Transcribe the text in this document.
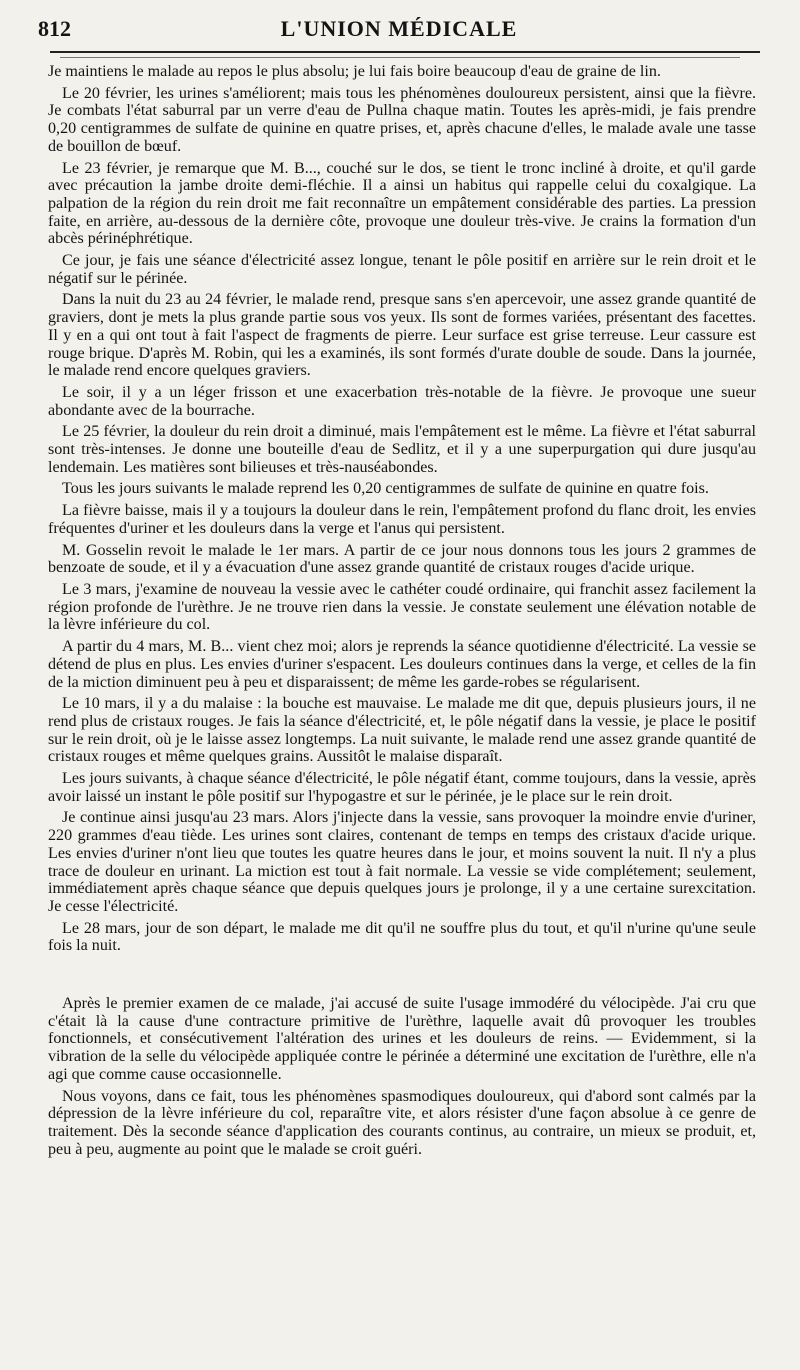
812	L'UNION MÉDICALE

Je maintiens le malade au repos le plus absolu; je lui fais boire beaucoup d'eau de graine de lin.

Le 20 février, les urines s'améliorent; mais tous les phénomènes douloureux persistent, ainsi que la fièvre. Je combats l'état saburral par un verre d'eau de Pullna chaque matin. Toutes les après-midi, je fais prendre 0,20 centigrammes de sulfate de quinine en quatre prises, et, après chacune d'elles, le malade avale une tasse de bouillon de bœuf.

Le 23 février, je remarque que M. B..., couché sur le dos, se tient le tronc incliné à droite, et qu'il garde avec précaution la jambe droite demi-fléchie. Il a ainsi un habitus qui rappelle celui du coxalgique. La palpation de la région du rein droit me fait reconnaître un empâtement considérable des parties. La pression faite, en arrière, au-dessous de la dernière côte, provoque une douleur très-vive. Je crains la formation d'un abcès périnéphrétique.

Ce jour, je fais une séance d'électricité assez longue, tenant le pôle positif en arrière sur le rein droit et le négatif sur le périnée.

Dans la nuit du 23 au 24 février, le malade rend, presque sans s'en apercevoir, une assez grande quantité de graviers, dont je mets la plus grande partie sous vos yeux. Ils sont de formes variées, présentant des facettes. Il y en a qui ont tout à fait l'aspect de fragments de pierre. Leur surface est grise terreuse. Leur cassure est rouge brique. D'après M. Robin, qui les a examinés, ils sont formés d'urate double de soude. Dans la journée, le malade rend encore quelques graviers.

Le soir, il y a un léger frisson et une exacerbation très-notable de la fièvre. Je provoque une sueur abondante avec de la bourrache.

Le 25 février, la douleur du rein droit a diminué, mais l'empâtement est le même. La fièvre et l'état saburral sont très-intenses. Je donne une bouteille d'eau de Sedlitz, et il y a une superpurgation qui dure jusqu'au lendemain. Les matières sont bilieuses et très-nauséabondes.

Tous les jours suivants le malade reprend les 0,20 centigrammes de sulfate de quinine en quatre fois.

La fièvre baisse, mais il y a toujours la douleur dans le rein, l'empâtement profond du flanc droit, les envies fréquentes d'uriner et les douleurs dans la verge et l'anus qui persistent.

M. Gosselin revoit le malade le 1er mars. A partir de ce jour nous donnons tous les jours 2 grammes de benzoate de soude, et il y a évacuation d'une assez grande quantité de cristaux rouges d'acide urique.

Le 3 mars, j'examine de nouveau la vessie avec le cathéter coudé ordinaire, qui franchit assez facilement la région profonde de l'urèthre. Je ne trouve rien dans la vessie. Je constate seulement une élévation notable de la lèvre inférieure du col.

A partir du 4 mars, M. B... vient chez moi; alors je reprends la séance quotidienne d'électricité. La vessie se détend de plus en plus. Les envies d'uriner s'espacent. Les douleurs continues dans la verge, et celles de la fin de la miction diminuent peu à peu et disparaissent; de même les garde-robes se régularisent.

Le 10 mars, il y a du malaise : la bouche est mauvaise. Le malade me dit que, depuis plusieurs jours, il ne rend plus de cristaux rouges. Je fais la séance d'électricité, et, le pôle négatif dans la vessie, je place le positif sur le rein droit, où je le laisse assez longtemps. La nuit suivante, le malade rend une assez grande quantité de cristaux rouges et même quelques grains. Aussitôt le malaise disparaît.

Les jours suivants, à chaque séance d'électricité, le pôle négatif étant, comme toujours, dans la vessie, après avoir laissé un instant le pôle positif sur l'hypogastre et sur le périnée, je le place sur le rein droit.

Je continue ainsi jusqu'au 23 mars. Alors j'injecte dans la vessie, sans provoquer la moindre envie d'uriner, 220 grammes d'eau tiède. Les urines sont claires, contenant de temps en temps des cristaux d'acide urique. Les envies d'uriner n'ont lieu que toutes les quatre heures dans le jour, et moins souvent la nuit. Il n'y a plus trace de douleur en urinant. La miction est tout à fait normale. La vessie se vide complétement; seulement, immédiatement après chaque séance que depuis quelques jours je prolonge, il y a une certaine surexcitation. Je cesse l'électricité.

Le 28 mars, jour de son départ, le malade me dit qu'il ne souffre plus du tout, et qu'il n'urine qu'une seule fois la nuit.

Après le premier examen de ce malade, j'ai accusé de suite l'usage immodéré du vélocipède. J'ai cru que c'était là la cause d'une contracture primitive de l'urèthre, laquelle avait dû provoquer les troubles fonctionnels, et consécutivement l'altération des urines et les douleurs de reins. — Evidemment, si la vibration de la selle du vélocipède appliquée contre le périnée a déterminé une excitation de l'urèthre, elle n'a agi que comme cause occasionnelle.

Nous voyons, dans ce fait, tous les phénomènes spasmodiques douloureux, qui d'abord sont calmés par la dépression de la lèvre inférieure du col, reparaître vite, et alors résister d'une façon absolue à ce genre de traitement. Dès la seconde séance d'application des courants continus, au contraire, un mieux se produit, et, peu à peu, augmente au point que le malade se croit guéri.
